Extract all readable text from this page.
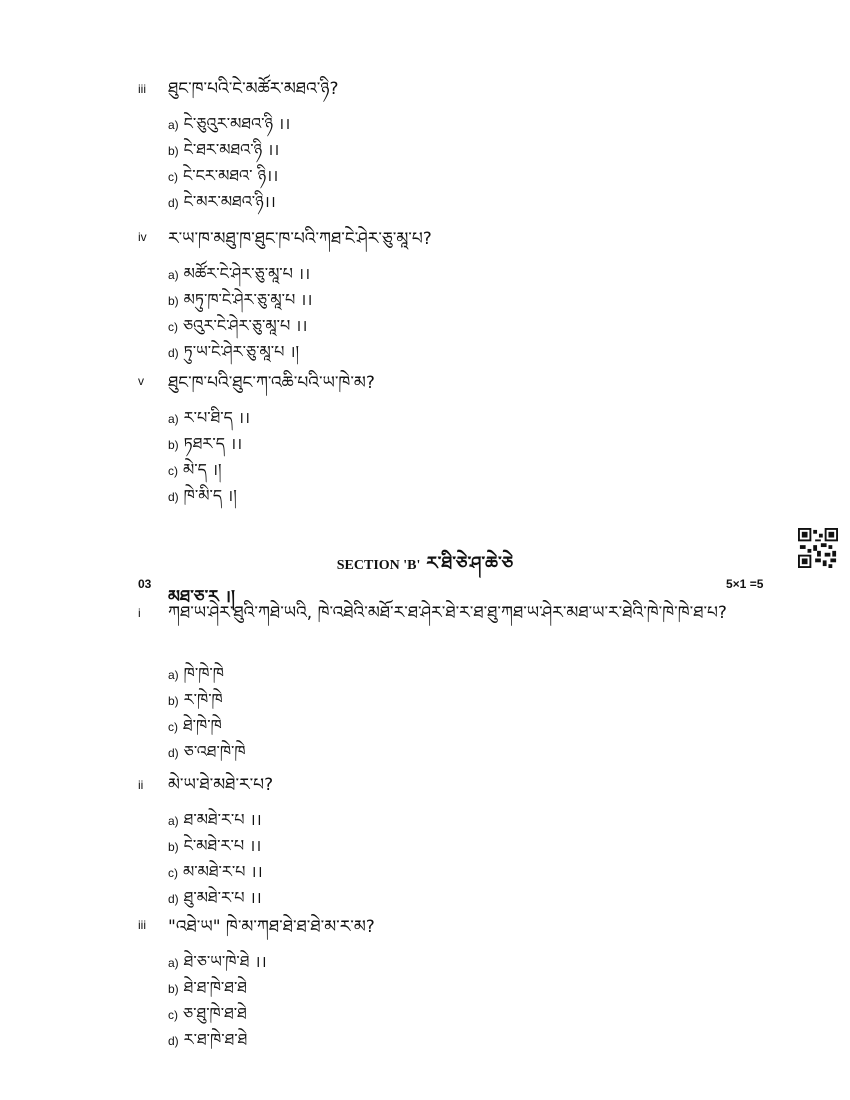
iii ཐུང་ཁ་པའི་ངེ་མཚོར་མཐའ་ཉི?
a) ངེ་ཅུའུར་མཐའ་ཉི ।।
b) ངེ་ཐར་མཐའ་ཉི ।।
c) ངེ་ངར་མཐའ་ ཉི।।
d) ངེ་མར་མཐའ་ཉི।।
iv ར་ཡ་ཁ་མཐུ་ཁ་ཐུང་ཁ་པའི་ཀཐ་ངེ་ཤེར་ཅུ་མཱ་པ?
a) མཚོར་ངེ་ཤེར་ཅུ་མཱ་པ ।।
b) མཏུ་ཁ་ངེ་ཤེར་ཅུ་མཱ་པ ।।
c) ཅའུར་ངེ་ཤེར་ཅུ་མཱ་པ ।।
d) ཏུ་ཡ་ངེ་ཤེར་ཅུ་མཱ་པ ।།
v ཐུང་ཁ་པའི་ཐུང་ཀ་འཆི་པའི་ཡ་ཁེ་མ?
a) ར་པ་ཐི་ད ।।
b) ཏཐར་ད ।।
c) མེ་ད ।།
d) ཁེ་མི་ད ।།
SECTION 'B' ར་ཐི་ཅེ་ཤ་ཆེ་ཅེ
03
མཐ་ཅ་ར ।།
5×1 =5
i ཀཐ་ཡ་ཤེར་ཐུའི་ཀཐེ་ཡའི, ཁེ་འཐེའི་མཐོ་ར་ཐ་ཤེར་ཐེ་ར་ཐ་ཐུ་ཀཐ་ཡ་ཤེར་མཐ་ཡ་ར་ཐེའི་ཁེ་ཁེ་ཁེ་ཐ་པ?
a) ཁེ་ཁེ་ཁེ
b) ར་ཁེ་ཁེ
c) ཐེ་ཁེ་ཁེ
d) ཅ་འཐ་ཁེ་ཁེ
ii མེ་ཡ་ཐེ་མཐེ་ར་པ?
a) ཐ་མཐེ་ར་པ ।।
b) ངེ་མཐེ་ར་པ ।।
c) མ་མཐེ་ར་པ ।।
d) ཐུ་མཐེ་ར་པ ।।
iii "འཐེ་ཡ" ཁེ་མ་ཀཐ་ཐེ་ཐ་ཐེ་མ་ར་མ?
a) ཐེ་ཅ་ཡ་ཁེ་ཐེ ।।
b) ཐེ་ཐ་ཁེ་ཐ་ཐེ
c) ཅ་ཐུ་ཁེ་ཐ་ཐེ
d) ར་ཐ་ཁེ་ཐ་ཐེ
